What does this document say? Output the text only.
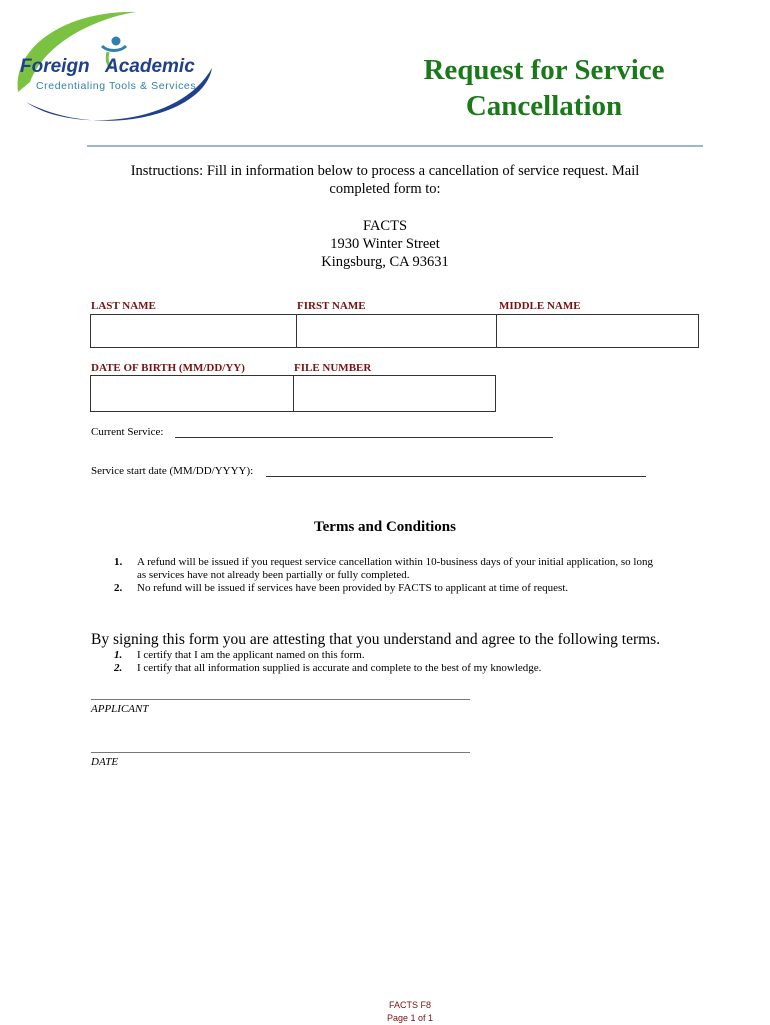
Foreign Academic
Credentialing Tools & Services	Request for Service
Cancellation
Instructions: Fill in information below to process a cancellation of service request. Mail
completed form to:
FACTS
1930 Winter Street
Kingsburg, CA 93631
LAST NAME	FIRST NAME	MIDDLE NAME
DATE OF BIRTH (MM/DD/YY)	FILE NUMBER
Current Service:
Service start date (MM/DD/YYYY):
Terms and Conditions
1. A refund will be issued if you request service cancellation within 10-business days of your initial application, so long
as services have not already been partially or fully completed.
2. No refund will be issued if services have been provided by FACTS to applicant at time of request.
By signing this form you are attesting that you understand and agree to the following terms.
1. I certify that I am the applicant named on this form.
2. I certify that all information supplied is accurate and complete to the best of my knowledge.
APPLICANT
DATE
FACTS F8
Page 1 of 1
